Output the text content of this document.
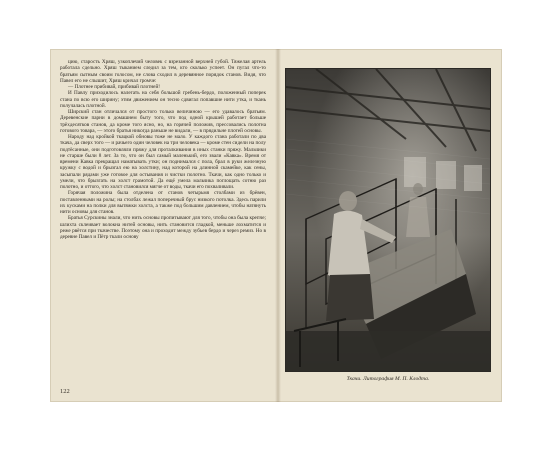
цию, старость Хряш, узкоплечий человек с взрезанной верхней губой. Тяжелая артель работала сдельно. Хряш тыканием следил за тем, кто сколько успеет. Он пугал что-то братьям сытным своим голосом, не слова сходил в деревянное порядок станов. Видя, что Павел его не слышит, Хряш кричал громче:

— Плотнее прибивай, прибивай плотней!

И Павлу приходилось налегать на себя большой гребень-бердо, положенный поперек стана по всю его ширину; этим движением он тесно сдвигал попавшие нити утка, и ткань получалась плотной.

Ширский стан отличался от простого только величиною — его удавалось братьям. Деревенские парни в домашнем быту того, что под одной крышей работает больше трёхдесятков станов, да кроме того ясно, но, на горячей положив, прессовались полотна готового товара, — этого братья никогда раньше не видали, — в прядильне плотей основы.

Народу над кройкой ткацкой обновы тоже не мало. У каждого стана работали по два ткача, да сверх того — и рачьего один человек на три человека — кроме стен сидели на полу подтёсанные, они подготовляли пряжу для проталкивания в иных станки пряжу. Мальчики не старше были 8 лет. За то, что он был самый маленький, его звали «Кавка». Время от времени Кавка прекращал наматывать утки; он поднимался с пола, брал в руки железную кружку с водой и брызгал ею на холстину, над которой на длинной скамейке, как сены, засыпали рядами уже готовое для остывания и чистки полотно. Ткачи, как одно только и умели, что брызгать на холст грамотой. Да ещё умела мальчика поглощать сотню раз полотно, и оттого, что холст становился мягче от воды, ткачи его похваливали.

Горячая положина была отделена от станов четырьмя столбами из брёвен, поставленными на ролы; на столбах лежал поперечный брус низкого потолка. Здесь парили их кусками на полки для вытяжки холста, а также под большим давлением, чтобы натянуть нити основы для станов.

Братья Сурскины знали, что нить основы пропитывают для того, чтобы она была крепче; шлихта склеивает волокна нитей основы, нить становится гладкой, меньше лохматится и реже рвётся при ткачестве. Поэтому она и проходит между зубьев бердо и через ремиз. Но в деревне Павел и Пётр ткали основу

122
Ткачи. Литография М. П. Клодта.
